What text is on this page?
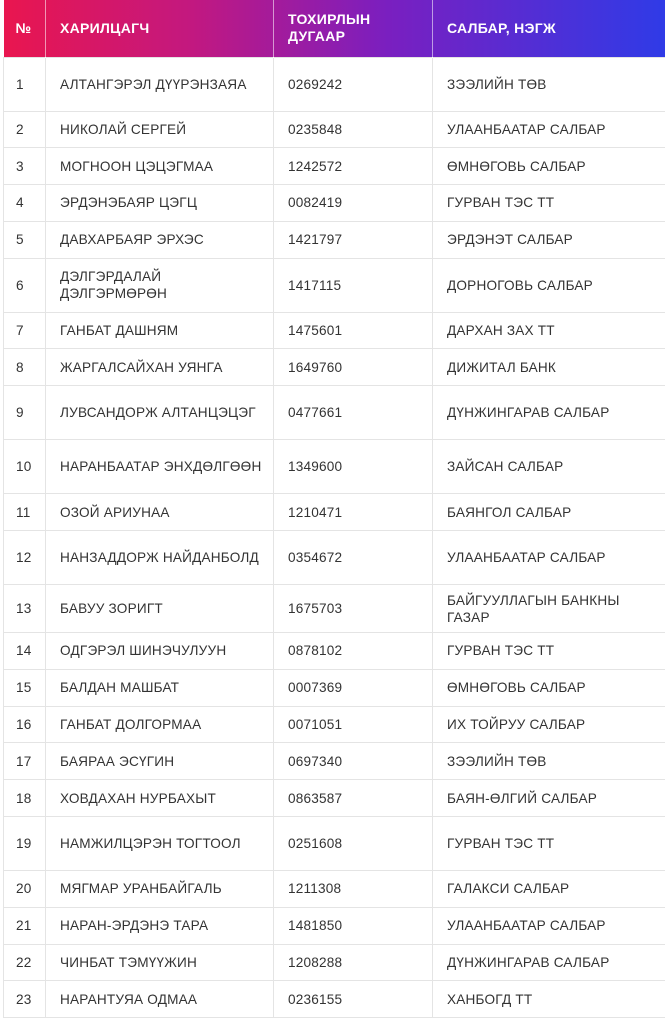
№	ХАРИЛЦАГЧ	ТОХИРЛЫН ДУГААР	САЛБАР, НЭГЖ
1	АЛТАНГЭРЭЛ ДҮҮРЭНЗАЯА	0269242	ЗЭЭЛИЙН ТӨВ
2	НИКОЛАЙ СЕРГЕЙ	0235848	УЛААНБААТАР САЛБАР
3	МОГНООН ЦЭЦЭГМАА	1242572	ӨМНӨГОВЬ САЛБАР
4	ЭРДЭНЭБАЯР ЦЭГЦ	0082419	ГУРВАН ТЭС ТТ
5	ДАВХАРБАЯР ЭРХЭС	1421797	ЭРДЭНЭТ САЛБАР
6	ДЭЛГЭРДАЛАЙ ДЭЛГЭРМӨРӨН	1417115	ДОРНОГОВЬ САЛБАР
7	ГАНБАТ ДАШНЯМ	1475601	ДАРХАН ЗАХ ТТ
8	ЖАРГАЛСАЙХАН УЯНГА	1649760	ДИЖИТАЛ БАНК
9	ЛУВСАНДОРЖ АЛТАНЦЭЦЭГ	0477661	ДҮНЖИНГАРАВ САЛБАР
10	НАРАНБААТАР ЭНХДӨЛГӨӨН	1349600	ЗАЙСАН САЛБАР
11	ОЗОЙ АРИУНАА	1210471	БАЯНГОЛ САЛБАР
12	НАНЗАДДОРЖ НАЙДАНБОЛД	0354672	УЛААНБААТАР САЛБАР
13	БАВУУ ЗОРИГТ	1675703	БАЙГУУЛЛАГЫН БАНКНЫ ГАЗАР
14	ОДГЭРЭЛ ШИНЭЧУЛУУН	0878102	ГУРВАН ТЭС ТТ
15	БАЛДАН МАШБАТ	0007369	ӨМНӨГОВЬ САЛБАР
16	ГАНБАТ ДОЛГОРМАА	0071051	ИХ ТОЙРУУ САЛБАР
17	БАЯРАА ЭСҮГИН	0697340	ЗЭЭЛИЙН ТӨВ
18	ХОВДАХАН НУРБАХЫТ	0863587	БАЯН-ӨЛГИЙ САЛБАР
19	НАМЖИЛЦЭРЭН ТОГТООЛ	0251608	ГУРВАН ТЭС ТТ
20	МЯГМАР УРАНБАЙГАЛЬ	1211308	ГАЛАКСИ САЛБАР
21	НАРАН-ЭРДЭНЭ ТАРА	1481850	УЛААНБААТАР САЛБАР
22	ЧИНБАТ ТЭМҮҮЖИН	1208288	ДҮНЖИНГАРАВ САЛБАР
23	НАРАНТУЯА ОДМАА	0236155	ХАНБОГД ТТ
